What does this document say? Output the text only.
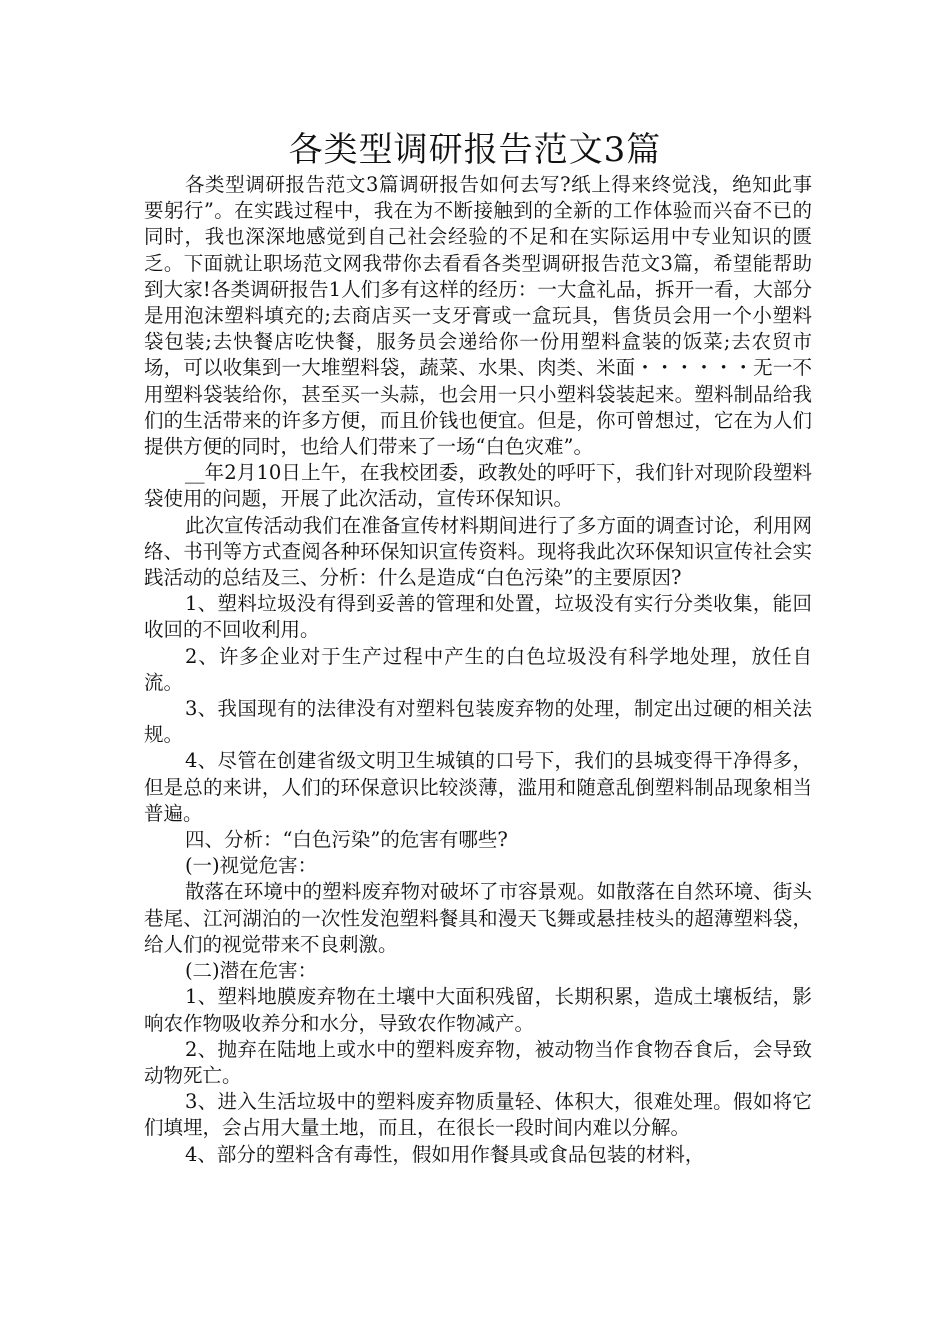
各类型调研报告范文3篇

各类型调研报告范文3篇调研报告如何去写?纸上得来终觉浅，绝知此事要躬行”。在实践过程中，我在为不断接触到的全新的工作体验而兴奋不已的同时，我也深深地感觉到自己社会经验的不足和在实际运用中专业知识的匮乏。下面就让职场范文网我带你去看看各类型调研报告范文3篇，希望能帮助到大家!各类调研报告1人们多有这样的经历：一大盒礼品，拆开一看，大部分是用泡沫塑料填充的;去商店买一支牙膏或一盒玩具，售货员会用一个小塑料袋包装;去快餐店吃快餐，服务员会递给你一份用塑料盒装的饭菜;去农贸市场，可以收集到一大堆塑料袋，蔬菜、水果、肉类、米面・・・・・・无一不用塑料袋装给你，甚至买一头蒜，也会用一只小塑料袋装起来。塑料制品给我们的生活带来的许多方便，而且价钱也便宜。但是，你可曾想过，它在为人们提供方便的同时，也给人们带来了一场“白色灾难”。

__年2月10日上午，在我校团委，政教处的呼吁下，我们针对现阶段塑料袋使用的问题，开展了此次活动，宣传环保知识。

此次宣传活动我们在准备宣传材料期间进行了多方面的调查讨论，利用网络、书刊等方式查阅各种环保知识宣传资料。现将我此次环保知识宣传社会实践活动的总结及三、分析：什么是造成“白色污染”的主要原因?

1、塑料垃圾没有得到妥善的管理和处置，垃圾没有实行分类收集，能回收回的不回收利用。

2、许多企业对于生产过程中产生的白色垃圾没有科学地处理，放任自流。

3、我国现有的法律没有对塑料包装废弃物的处理，制定出过硬的相关法规。

4、尽管在创建省级文明卫生城镇的口号下，我们的县城变得干净得多，但是总的来讲，人们的环保意识比较淡薄，滥用和随意乱倒塑料制品现象相当普遍。

四、分析：“白色污染”的危害有哪些?

(一)视觉危害：

散落在环境中的塑料废弃物对破坏了市容景观。如散落在自然环境、街头巷尾、江河湖泊的一次性发泡塑料餐具和漫天飞舞或悬挂枝头的超薄塑料袋，给人们的视觉带来不良刺激。

(二)潜在危害：

1、塑料地膜废弃物在土壤中大面积残留，长期积累，造成土壤板结，影响农作物吸收养分和水分，导致农作物减产。

2、抛弃在陆地上或水中的塑料废弃物，被动物当作食物吞食后，会导致动物死亡。

3、进入生活垃圾中的塑料废弃物质量轻、体积大，很难处理。假如将它们填埋，会占用大量土地，而且，在很长一段时间内难以分解。

4、部分的塑料含有毒性，假如用作餐具或食品包装的材料，
